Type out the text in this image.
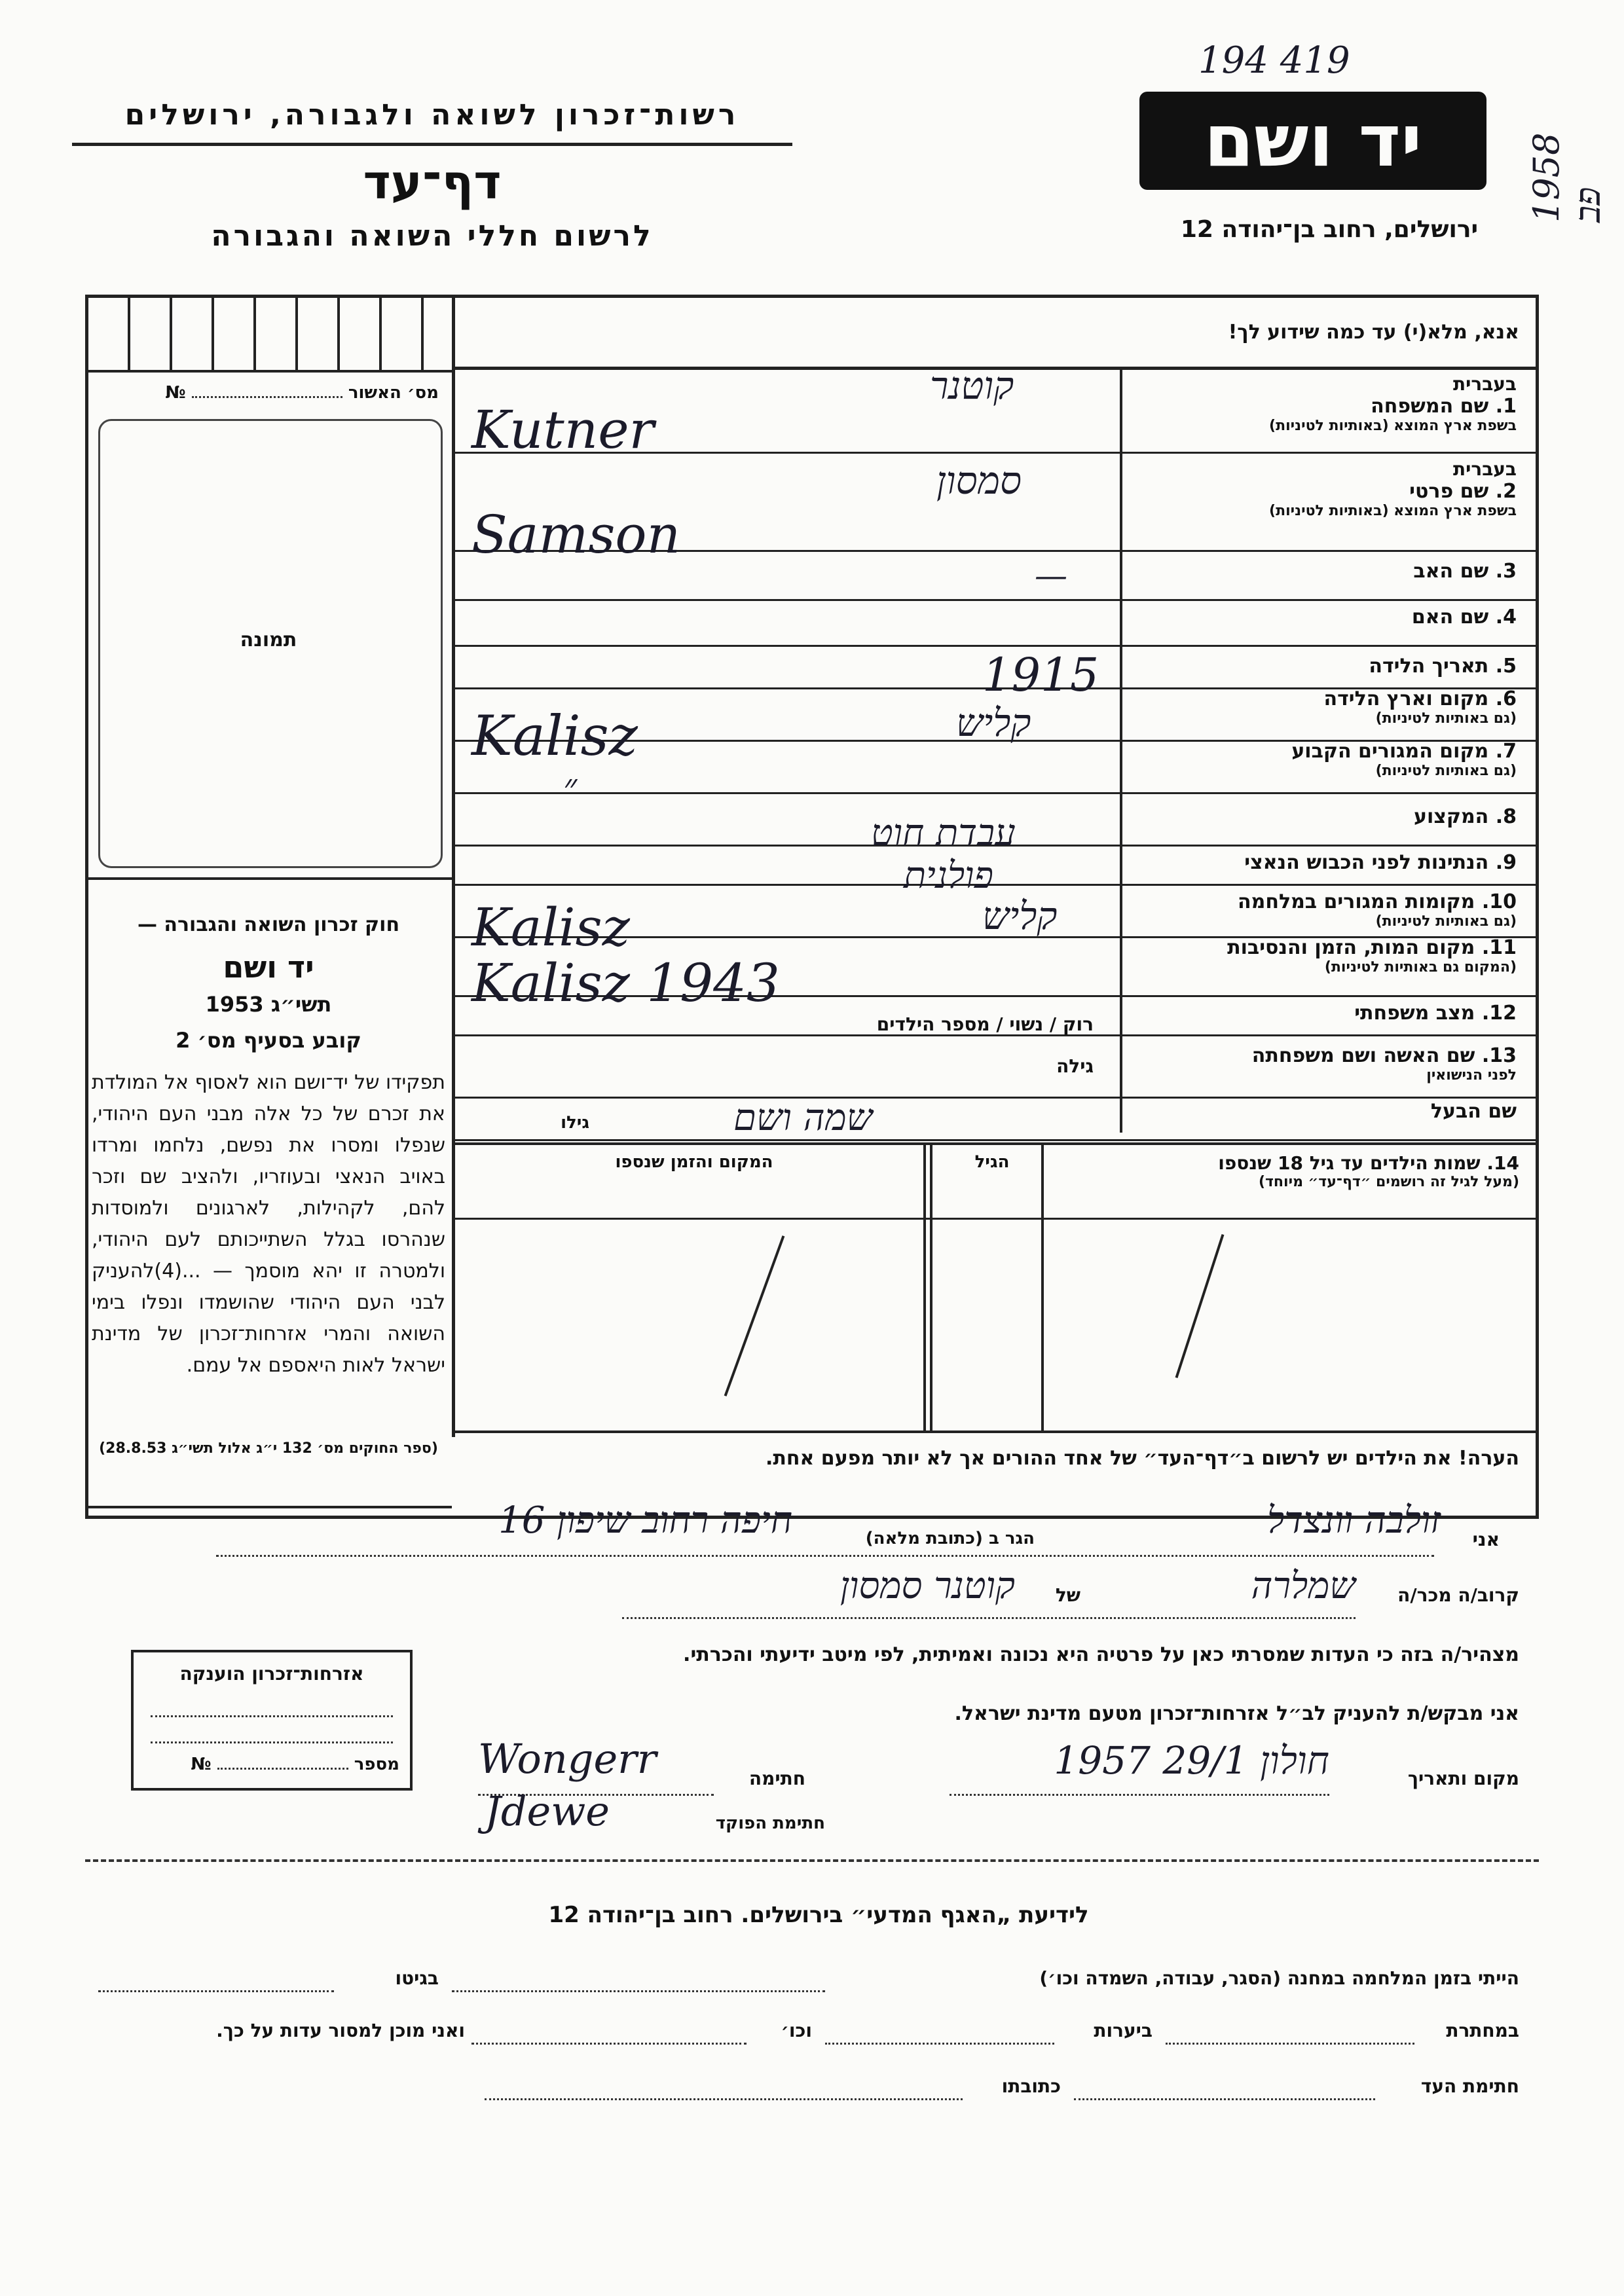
רשות־זכרון לשואה ולגבורה, ירושלים
דף־עד
לרשום חללי השואה והגבורה
יד ושם
ירושלים, רחוב בן־יהודה 12
194 419
1958 פב
מס׳ האשור  №
תמונה
חוק זכרון השואה והגבורה —
יד ושם
תשי״ג 1953
קובע בסעיף מס׳ 2
תפקידו של יד־ושם הוא לאסוף אל המולדת את זכרם של כל אלה מבני העם היהודי, שנפלו ומסרו את נפשם, נלחמו ומרדו באויב הנאצי ובעוזריו, ולהציב שם וזכר להם, לקהילות, לארגונים ולמוסדות שנהרסו בגלל השתייכותם לעם היהודי, ולמטרה זו יהא מוסמך — ...(4)להעניק לבני העם היהודי שהושמדו ונפלו בימי השואה והמרי אזרחות־זכרון של מדינת ישראל לאות היאספם אל עמם.
(ספר החוקים מס׳ 132 י״ג אלול תשי״ג 28.8.53)
אנא, מלא(י) עד כמה שידוע לך!
בעברית
1. שם המשפחה
בשפת ארץ המוצא (באותיות לטיניות)
בעברית
2. שם פרטי
בשפת ארץ המוצא (באותיות לטיניות)
3. שם האב
4. שם האם
5. תאריך הלידה
6. מקום וארץ הלידה
(גם באותיות לטיניות)
7. מקום המגורים הקבוע
(גם באותיות לטיניות)
8. המקצוע
9. הנתינות לפני הכבוש הנאצי
10. מקומות המגורים במלחמה
(גם באותיות לטיניות)
11. מקום המות, הזמן והנסיבות
(המקום גם באותיות לטיניות)
12. מצב משפחתי
13. שם האשה ושם משפחתה
לפני הנישואין
שם הבעל
קוטנר
Kutner
סמסון
Samson
—
1915
קליש
Kalisz
״
עבדת חוט
פולנית
קליש
Kalisz
Kalisz 1943
רוק / נשוי / מספר הילדים
גילה
שמה ושם
גילו
14. שמות הילדים עד גיל 18 שנספו
(מעל לגיל זה רושמים ״דף־עד״ מיוחד)
הגיל
המקום והזמן שנספו
הערה! את הילדים יש לרשום ב״דף־העד״ של אחד ההורים אך לא יותר מפעם אחת.
אני
זולבה וונצדל
הגר ב (כתובת מלאה)
חיפה רחוב שיפון 16
קרוב/ה מכר/ה
שמלרה
של
קוטנר סמסון
מצהיר/ה בזה כי העדות שמסרתי כאן על פרטיה היא נכונה ואמיתית, לפי מיטב ידיעתי והכרתי.
אני מבקש/ת להעניק לב״ל אזרחות־זכרון מטעם מדינת ישראל.
מקום ותאריך
חולון 29/1 1957
חתימה
Wongerr
חתימת הפוקד
Jdewe
אזרחות־זכרון הוענקה
מספר  №
לידיעת „האגף המדעי״ בירושלים. רחוב בן־יהודה 12
הייתי בזמן המלחמה במחנה (הסגר, עבודה, השמדה וכו׳)
בגיטו
במחתרת
ביערות
וכו׳
ואני מוכן למסור עדות על כך.
חתימת העד
כתובתו
